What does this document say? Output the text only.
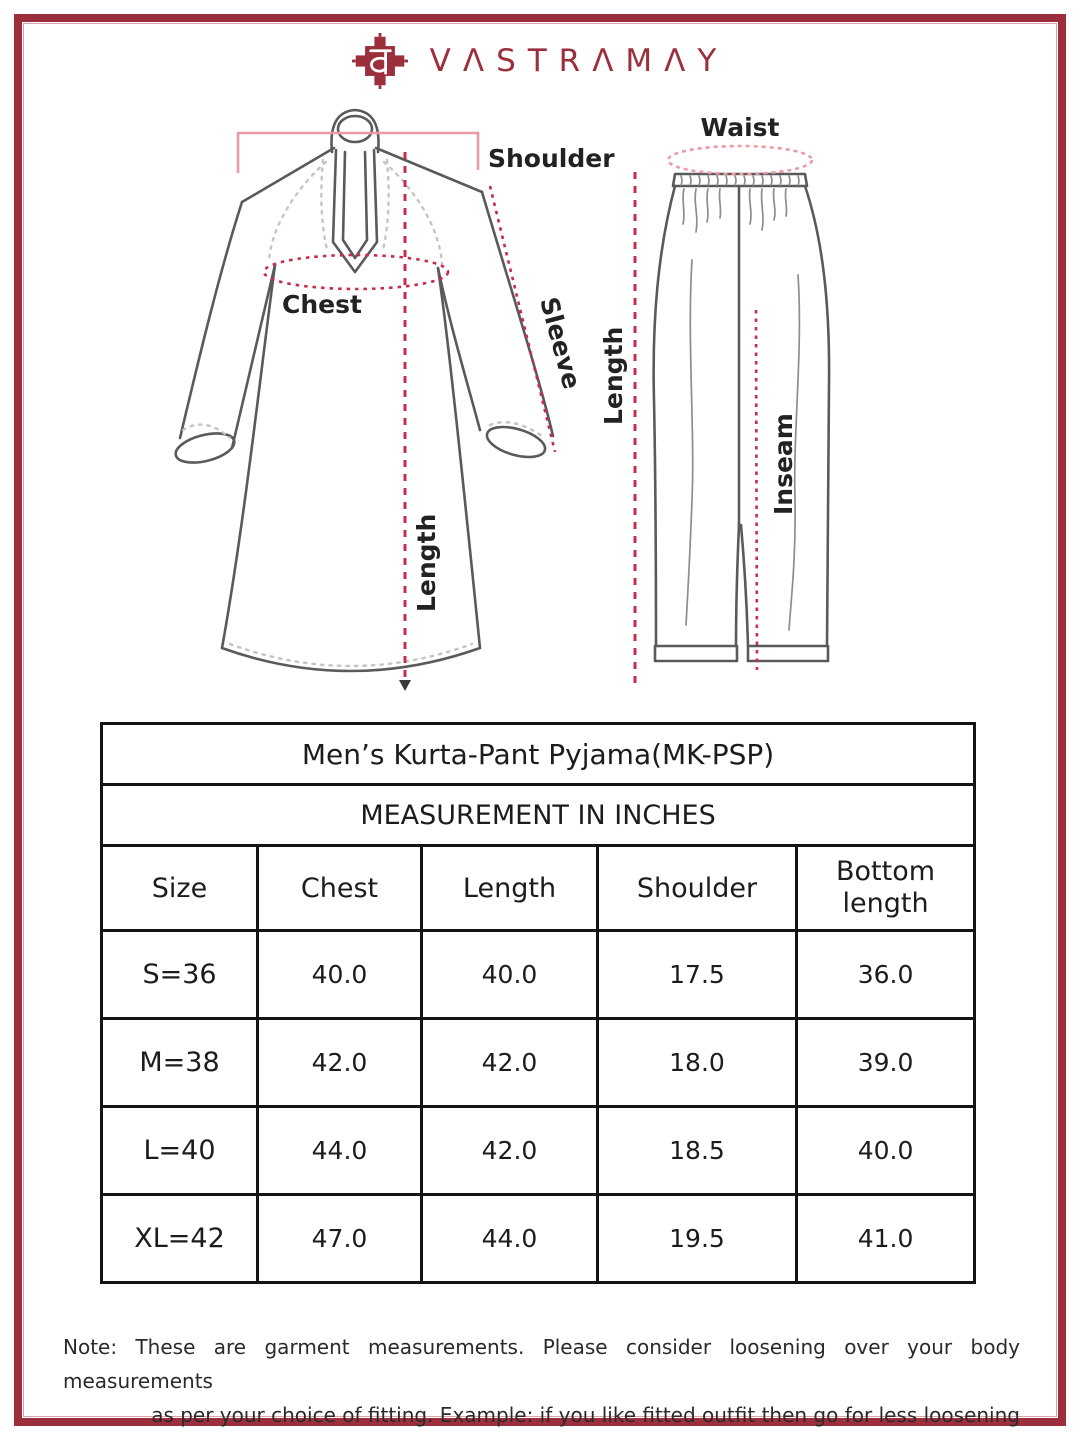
VΛSTRΛMΛY
Shoulder
Chest	Sleeve
Length
Waist
Length
Inseam
Men’s Kurta-Pant Pyjama(MK-PSP)				
MEASUREMENT IN INCHES				
Size	Chest	Length	Shoulder	Bottom length
S=36	40.0	40.0	17.5	36.0
M=38	42.0	42.0	18.0	39.0
L=40	44.0	42.0	18.5	40.0
XL=42	47.0	44.0	19.5	41.0
Note: These are garment measurements. Please consider loosening over your body measurements
as per your choice of fitting. Example: if you like fitted outfit then go for less loosening
